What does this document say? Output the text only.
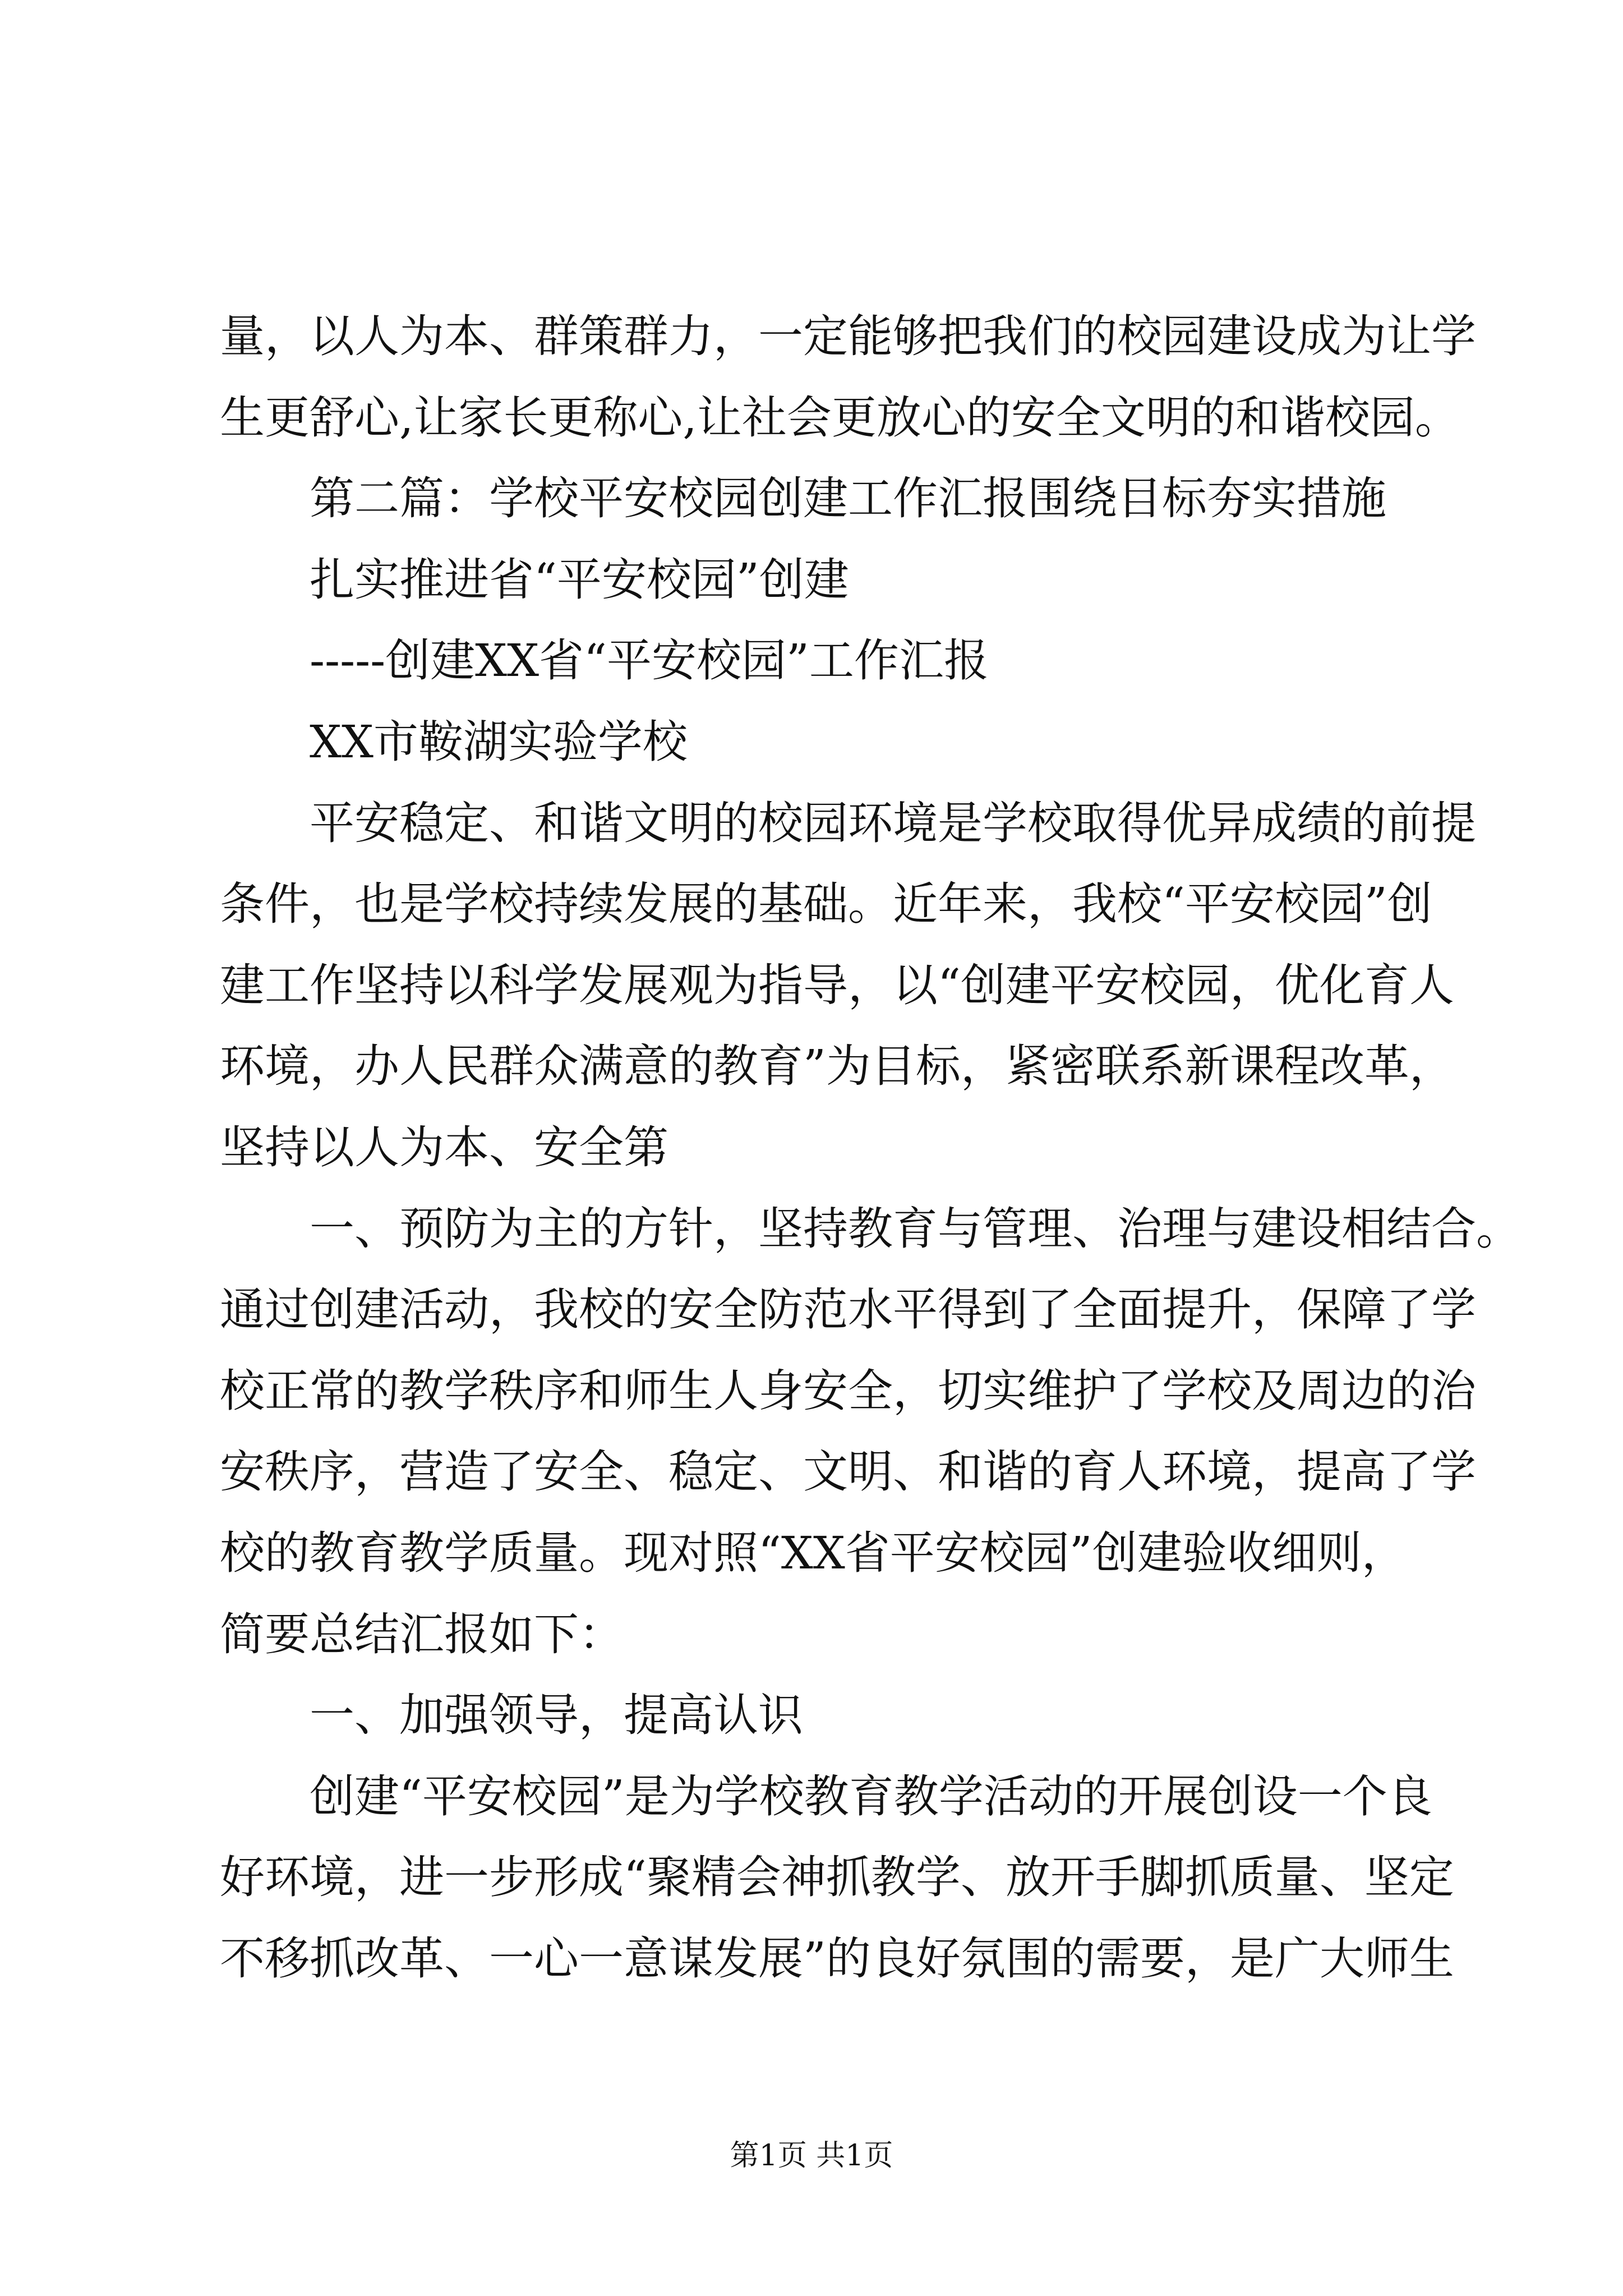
量，以人为本、群策群力，一定能够把我们的校园建设成为让学
生更舒心,让家长更称心,让社会更放心的安全文明的和谐校园。
第二篇：学校平安校园创建工作汇报围绕目标夯实措施
扎实推进省“平安校园”创建
-----创建XX省“平安校园”工作汇报
XX市鞍湖实验学校
平安稳定、和谐文明的校园环境是学校取得优异成绩的前提
条件，也是学校持续发展的基础。近年来，我校“平安校园”创
建工作坚持以科学发展观为指导，以“创建平安校园，优化育人
环境，办人民群众满意的教育”为目标，紧密联系新课程改革，
坚持以人为本、安全第
一、预防为主的方针，坚持教育与管理、治理与建设相结合。
通过创建活动，我校的安全防范水平得到了全面提升，保障了学
校正常的教学秩序和师生人身安全，切实维护了学校及周边的治
安秩序，营造了安全、稳定、文明、和谐的育人环境，提高了学
校的教育教学质量。现对照“XX省平安校园”创建验收细则，
简要总结汇报如下：
一、加强领导，提高认识
创建“平安校园”是为学校教育教学活动的开展创设一个良
好环境，进一步形成“聚精会神抓教学、放开手脚抓质量、坚定
不移抓改革、一心一意谋发展”的良好氛围的需要，是广大师生
第1页 共1页
